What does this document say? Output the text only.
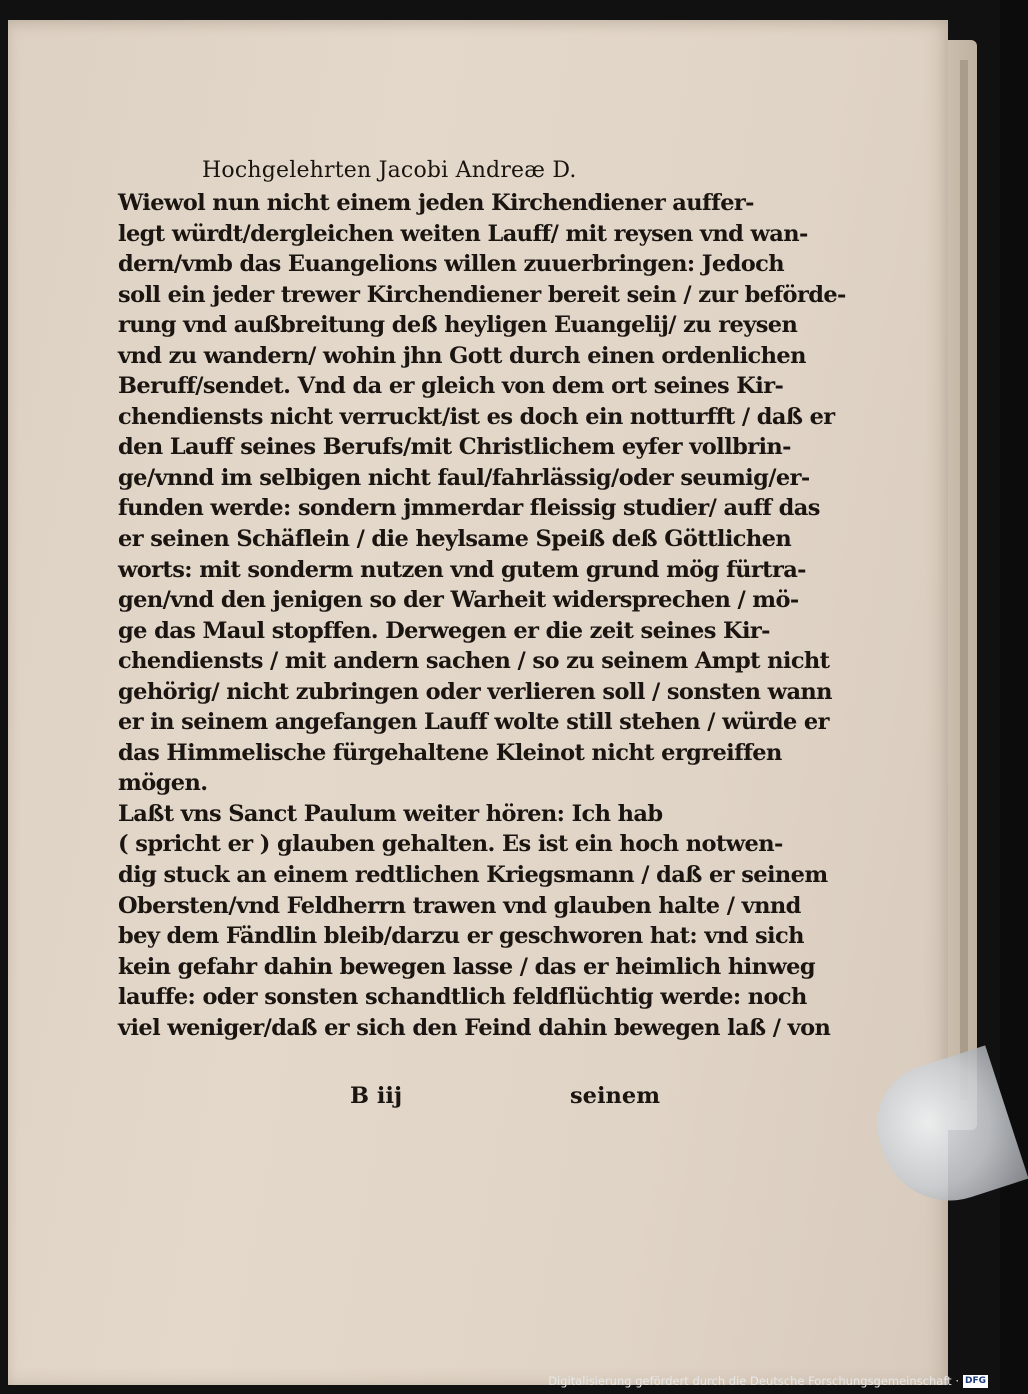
Hochgelehrten Jacobi Andreæ D.
Wiewol nun nicht einem jeden Kirchendiener auffer-
legt würdt/dergleichen weiten Lauff/ mit reysen vnd wan-
dern/vmb das Euangelions willen zuuerbringen: Jedoch
soll ein jeder trewer Kirchendiener bereit sein / zur beförde-
rung vnd außbreitung deß heyligen Euangelij/ zu reysen
vnd zu wandern/ wohin jhn Gott durch einen ordenlichen
Beruff/sendet. Vnd da er gleich von dem ort seines Kir-
chendiensts nicht verruckt/ist es doch ein notturfft / daß er
den Lauff seines Berufs/mit Christlichem eyfer vollbrin-
ge/vnnd im selbigen nicht faul/fahrlässig/oder seumig/er-
funden werde: sondern jmmerdar fleissig studier/ auff das
er seinen Schäflein / die heylsame Speiß deß Göttlichen
worts: mit sonderm nutzen vnd gutem grund mög fürtra-
gen/vnd den jenigen so der Warheit widersprechen / mö-
ge das Maul stopffen. Derwegen er die zeit seines Kir-
chendiensts / mit andern sachen / so zu seinem Ampt nicht
gehörig/ nicht zubringen oder verlieren soll / sonsten wann
er in seinem angefangen Lauff wolte still stehen / würde er
das Himmelische fürgehaltene Kleinot nicht ergreiffen
mögen.
Laßt vns Sanct Paulum weiter hören: Ich hab
( spricht er ) glauben gehalten. Es ist ein hoch notwen-
dig stuck an einem redtlichen Kriegsmann / daß er seinem
Obersten/vnd Feldherrn trawen vnd glauben halte / vnnd
bey dem Fändlin bleib/darzu er geschworen hat: vnd sich
kein gefahr dahin bewegen lasse / das er heimlich hinweg
lauffe: oder sonsten schandtlich feldflüchtig werde: noch
viel weniger/daß er sich den Feind dahin bewegen laß / von
B iij	seinem
Digitalisierung gefördert durch die Deutsche Forschungsgemeinschaft · DFG
